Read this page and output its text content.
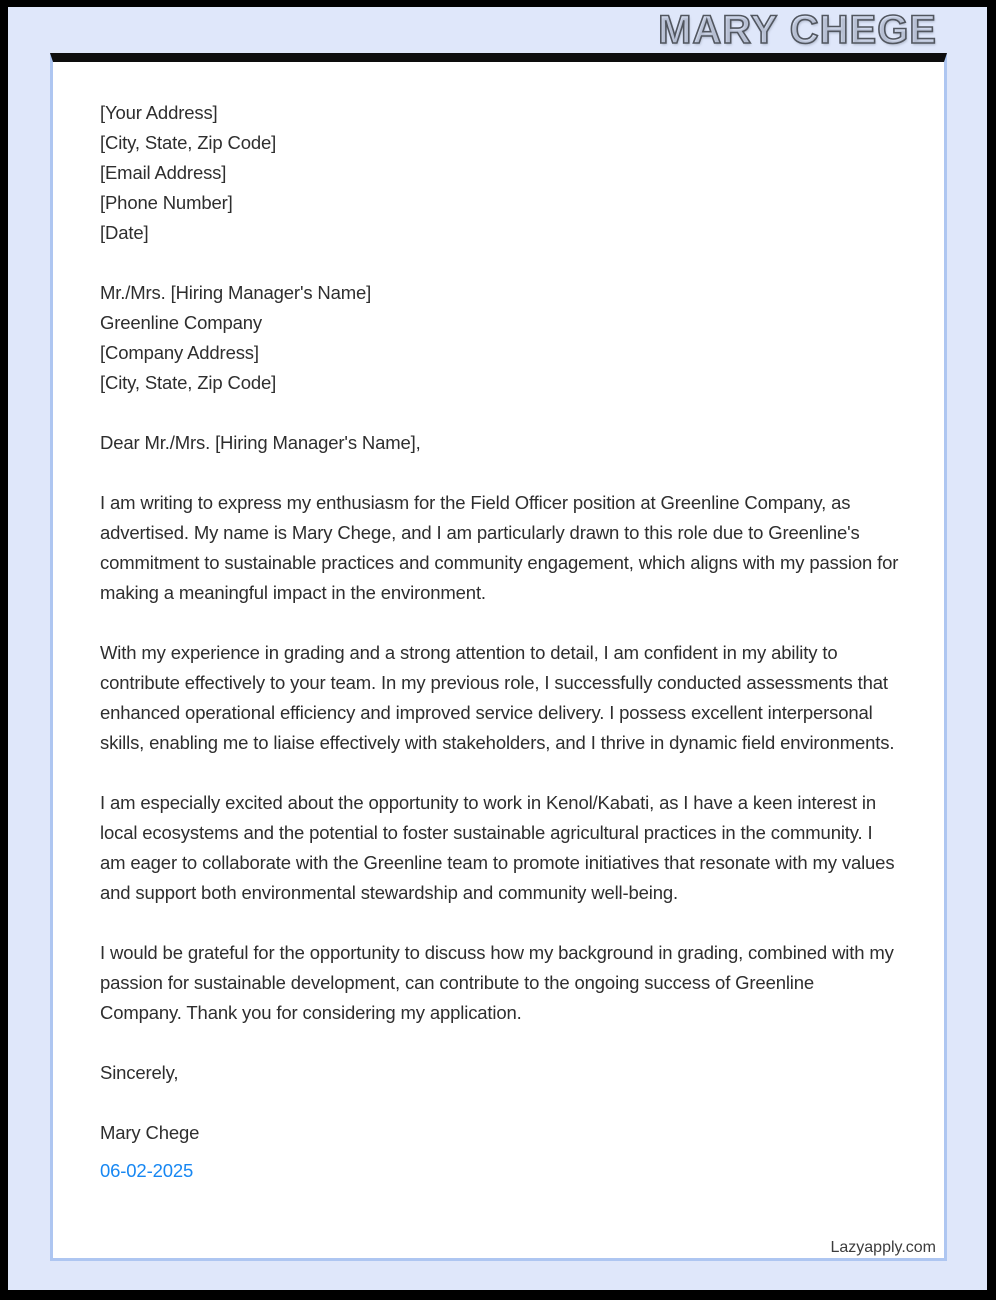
MARY CHEGE
[Your Address]
[City, State, Zip Code]
[Email Address]
[Phone Number]
[Date]
Mr./Mrs. [Hiring Manager's Name]
Greenline Company
[Company Address]
[City, State, Zip Code]
Dear Mr./Mrs. [Hiring Manager's Name],
I am writing to express my enthusiasm for the Field Officer position at Greenline Company, as advertised. My name is Mary Chege, and I am particularly drawn to this role due to Greenline's commitment to sustainable practices and community engagement, which aligns with my passion for making a meaningful impact in the environment.
With my experience in grading and a strong attention to detail, I am confident in my ability to contribute effectively to your team. In my previous role, I successfully conducted assessments that enhanced operational efficiency and improved service delivery. I possess excellent interpersonal skills, enabling me to liaise effectively with stakeholders, and I thrive in dynamic field environments.
I am especially excited about the opportunity to work in Kenol/Kabati, as I have a keen interest in local ecosystems and the potential to foster sustainable agricultural practices in the community. I am eager to collaborate with the Greenline team to promote initiatives that resonate with my values and support both environmental stewardship and community well-being.
I would be grateful for the opportunity to discuss how my background in grading, combined with my passion for sustainable development, can contribute to the ongoing success of Greenline Company. Thank you for considering my application.
Sincerely,
Mary Chege
06-02-2025
Lazyapply.com
